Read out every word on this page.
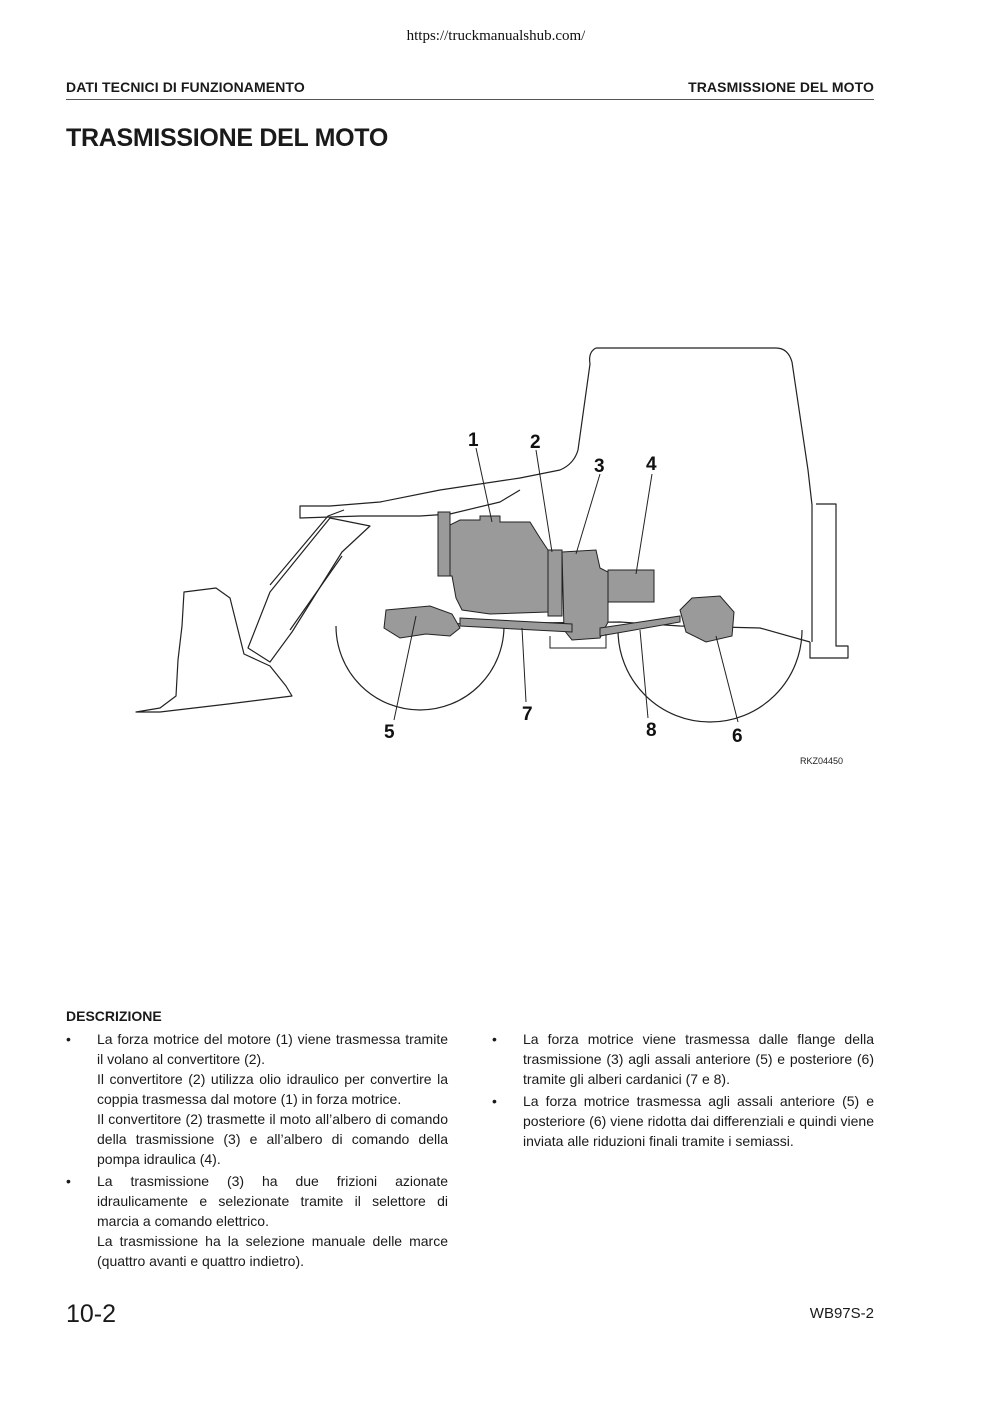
https://truckmanualshub.com/
DATI TECNICI DI FUNZIONAMENTO	TRASMISSIONE DEL MOTO
TRASMISSIONE DEL MOTO
1	2
3 4
5	6
7
8
RKZ04450
DESCRIZIONE
• La forza motrice del motore (1) viene trasmessa tramite il volano al convertitore (2).

Il convertitore (2) utilizza olio idraulico per convertire la coppia trasmessa dal motore (1) in forza motrice.

Il convertitore (2) trasmette il moto all’albero di comando della trasmissione (3) e all’albero di comando della pompa idraulica (4).

• La trasmissione (3) ha due frizioni azionate idraulicamente e selezionate tramite il selettore di marcia a comando elettrico.

La trasmissione ha la selezione manuale delle marce (quattro avanti e quattro indietro).

• La forza motrice viene trasmessa dalle flange della trasmissione (3) agli assali anteriore (5) e posteriore (6) tramite gli alberi cardanici (7 e 8).

• La forza motrice trasmessa agli assali anteriore (5) e posteriore (6) viene ridotta dai differenziali e quindi viene inviata alle riduzioni finali tramite i semiassi.

10-2	WB97S-2
